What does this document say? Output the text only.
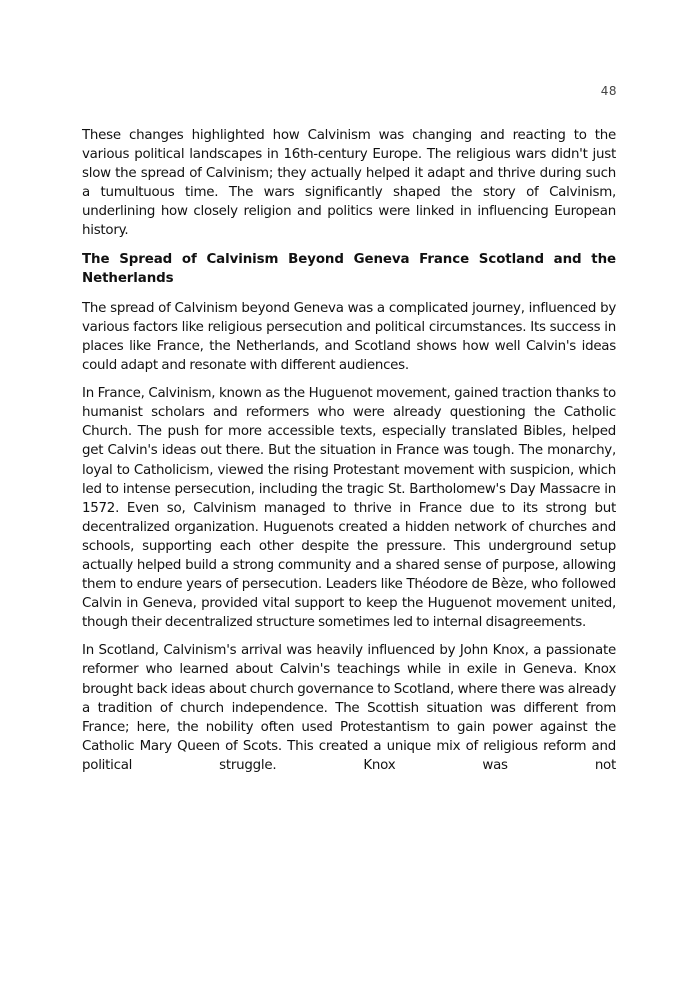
48

These changes highlighted how Calvinism was changing and reacting to the various political landscapes in 16th-century Europe. The religious wars didn't just slow the spread of Calvinism; they actually helped it adapt and thrive during such a tumultuous time. The wars significantly shaped the story of Calvinism, underlining how closely religion and politics were linked in influencing European history.

The Spread of Calvinism Beyond Geneva France Scotland and the Netherlands

The spread of Calvinism beyond Geneva was a complicated journey, influenced by various factors like religious persecution and political circumstances. Its success in places like France, the Netherlands, and Scotland shows how well Calvin's ideas could adapt and resonate with different audiences.

In France, Calvinism, known as the Huguenot movement, gained traction thanks to humanist scholars and reformers who were already questioning the Catholic Church. The push for more accessible texts, especially translated Bibles, helped get Calvin's ideas out there. But the situation in France was tough. The monarchy, loyal to Catholicism, viewed the rising Protestant movement with suspicion, which led to intense persecution, including the tragic St. Bartholomew's Day Massacre in 1572. Even so, Calvinism managed to thrive in France due to its strong but decentralized organization. Huguenots created a hidden network of churches and schools, supporting each other despite the pressure. This underground setup actually helped build a strong community and a shared sense of purpose, allowing them to endure years of persecution. Leaders like Théodore de Bèze, who followed Calvin in Geneva, provided vital support to keep the Huguenot movement united, though their decentralized structure sometimes led to internal disagreements.

In Scotland, Calvinism's arrival was heavily influenced by John Knox, a passionate reformer who learned about Calvin's teachings while in exile in Geneva. Knox brought back ideas about church governance to Scotland, where there was already a tradition of church independence. The Scottish situation was different from France; here, the nobility often used Protestantism to gain power against the Catholic Mary Queen of Scots. This created a unique mix of religious reform and political struggle. Knox was not
